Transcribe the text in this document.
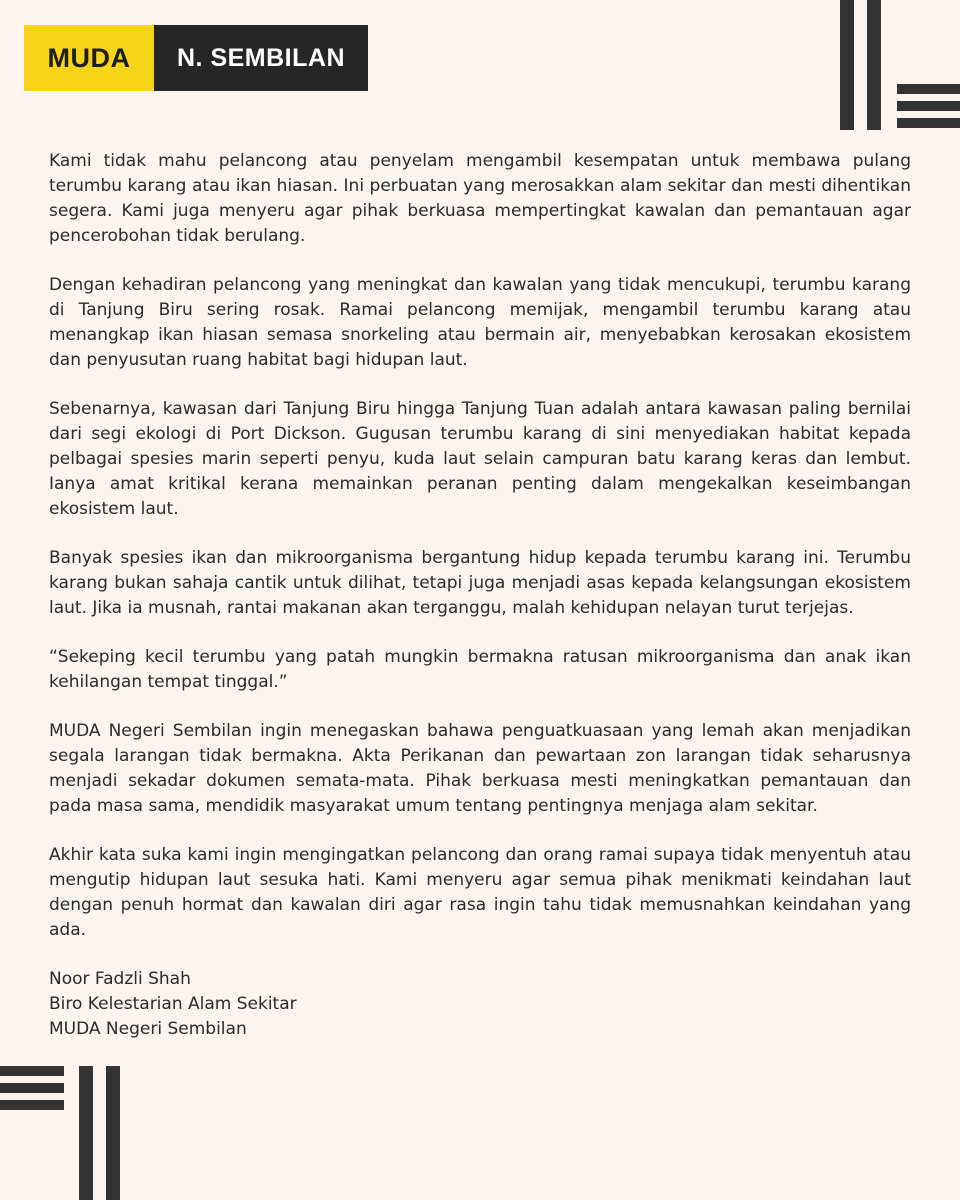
MUDA	N. SEMBILAN

Kami tidak mahu pelancong atau penyelam mengambil kesempatan untuk membawa pulang terumbu karang atau ikan hiasan. Ini perbuatan yang merosakkan alam sekitar dan mesti dihentikan segera. Kami juga menyeru agar pihak berkuasa mempertingkat kawalan dan pemantauan agar pencerobohan tidak berulang.

Dengan kehadiran pelancong yang meningkat dan kawalan yang tidak mencukupi, terumbu karang di Tanjung Biru sering rosak. Ramai pelancong memijak, mengambil terumbu karang atau menangkap ikan hiasan semasa snorkeling atau bermain air, menyebabkan kerosakan ekosistem dan penyusutan ruang habitat bagi hidupan laut.

Sebenarnya, kawasan dari Tanjung Biru hingga Tanjung Tuan adalah antara kawasan paling bernilai dari segi ekologi di Port Dickson. Gugusan terumbu karang di sini menyediakan habitat kepada pelbagai spesies marin seperti penyu, kuda laut selain campuran batu karang keras dan lembut. Ianya amat kritikal kerana memainkan peranan penting dalam mengekalkan keseimbangan ekosistem laut.

Banyak spesies ikan dan mikroorganisma bergantung hidup kepada terumbu karang ini. Terumbu karang bukan sahaja cantik untuk dilihat, tetapi juga menjadi asas kepada kelangsungan ekosistem laut. Jika ia musnah, rantai makanan akan terganggu, malah kehidupan nelayan turut terjejas.

“Sekeping kecil terumbu yang patah mungkin bermakna ratusan mikroorganisma dan anak ikan kehilangan tempat tinggal.”

MUDA Negeri Sembilan ingin menegaskan bahawa penguatkuasaan yang lemah akan menjadikan segala larangan tidak bermakna. Akta Perikanan dan pewartaan zon larangan tidak seharusnya menjadi sekadar dokumen semata-mata. Pihak berkuasa mesti meningkatkan pemantauan dan pada masa sama, mendidik masyarakat umum tentang pentingnya menjaga alam sekitar.

Akhir kata suka kami ingin mengingatkan pelancong dan orang ramai supaya tidak menyentuh atau mengutip hidupan laut sesuka hati. Kami menyeru agar semua pihak menikmati keindahan laut dengan penuh hormat dan kawalan diri agar rasa ingin tahu tidak memusnahkan keindahan yang ada.

Noor Fadzli Shah
Biro Kelestarian Alam Sekitar
MUDA Negeri Sembilan
